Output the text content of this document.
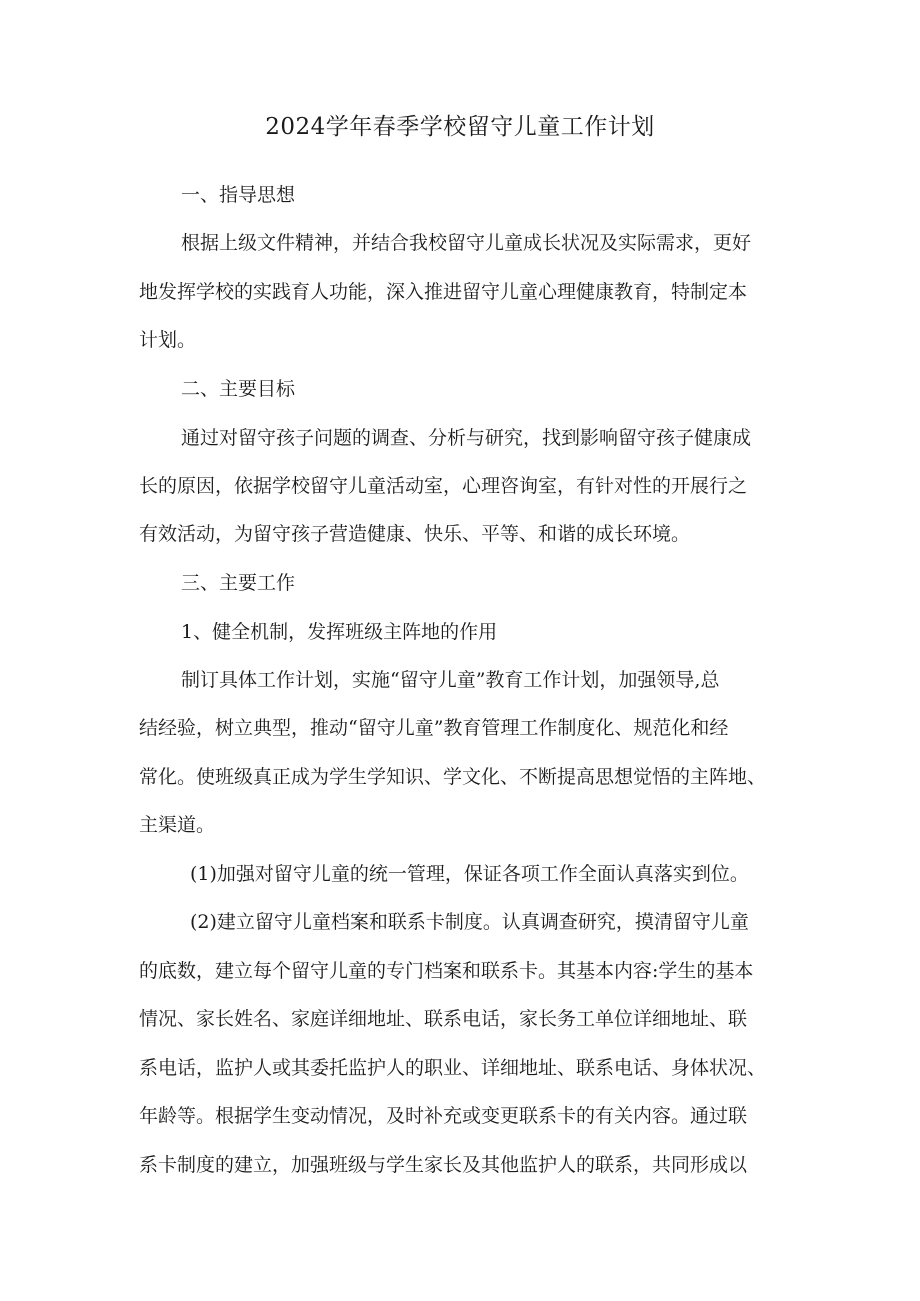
2024学年春季学校留守儿童工作计划
一、指导思想
根据上级文件精神，并结合我校留守儿童成长状况及实际需求，更好
地发挥学校的实践育人功能，深入推进留守儿童心理健康教育，特制定本
计划。
二、主要目标
通过对留守孩子问题的调查、分析与研究，找到影响留守孩子健康成
长的原因，依据学校留守儿童活动室，心理咨询室，有针对性的开展行之
有效活动，为留守孩子营造健康、快乐、平等、和谐的成长环境。
三、主要工作
1、健全机制，发挥班级主阵地的作用
制订具体工作计划，实施“留守儿童”教育工作计划，加强领导,总
结经验，树立典型，推动“留守儿童”教育管理工作制度化、规范化和经
常化。使班级真正成为学生学知识、学文化、不断提高思想觉悟的主阵地、
主渠道。
(1)加强对留守儿童的统一管理，保证各项工作全面认真落实到位。
(2)建立留守儿童档案和联系卡制度。认真调查研究，摸清留守儿童
的底数，建立每个留守儿童的专门档案和联系卡。其基本内容:学生的基本
情况、家长姓名、家庭详细地址、联系电话，家长务工单位详细地址、联
系电话，监护人或其委托监护人的职业、详细地址、联系电话、身体状况、
年龄等。根据学生变动情况，及时补充或变更联系卡的有关内容。通过联
系卡制度的建立，加强班级与学生家长及其他监护人的联系，共同形成以
